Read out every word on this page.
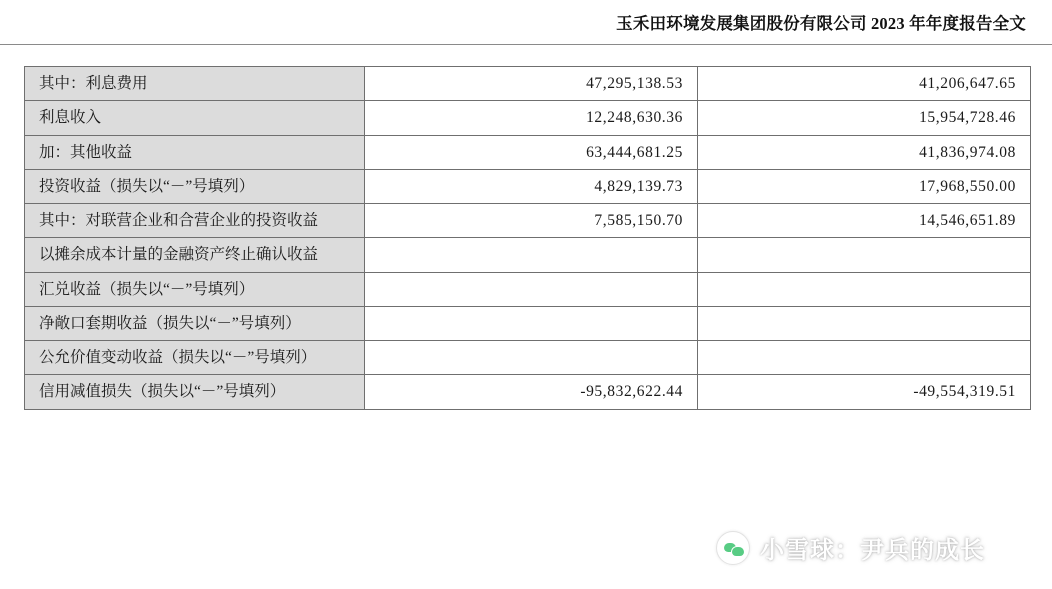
玉禾田环境发展集团股份有限公司 2023 年年度报告全文
其中：利息费用	47,295,138.53	41,206,647.65
利息收入	12,248,630.36	15,954,728.46
加：其他收益	63,444,681.25	41,836,974.08
投资收益（损失以“－”号填列）	4,829,139.73	17,968,550.00
其中：对联营企业和合营企业的投资收益	7,585,150.70	14,546,651.89
以摊余成本计量的金融资产终止确认收益		
汇兑收益（损失以“－”号填列）		
净敞口套期收益（损失以“－”号填列）		
公允价值变动收益（损失以“－”号填列）		
信用减值损失（损失以“－”号填列）	-95,832,622.44	-49,554,319.51
小雪球：尹兵的成长
